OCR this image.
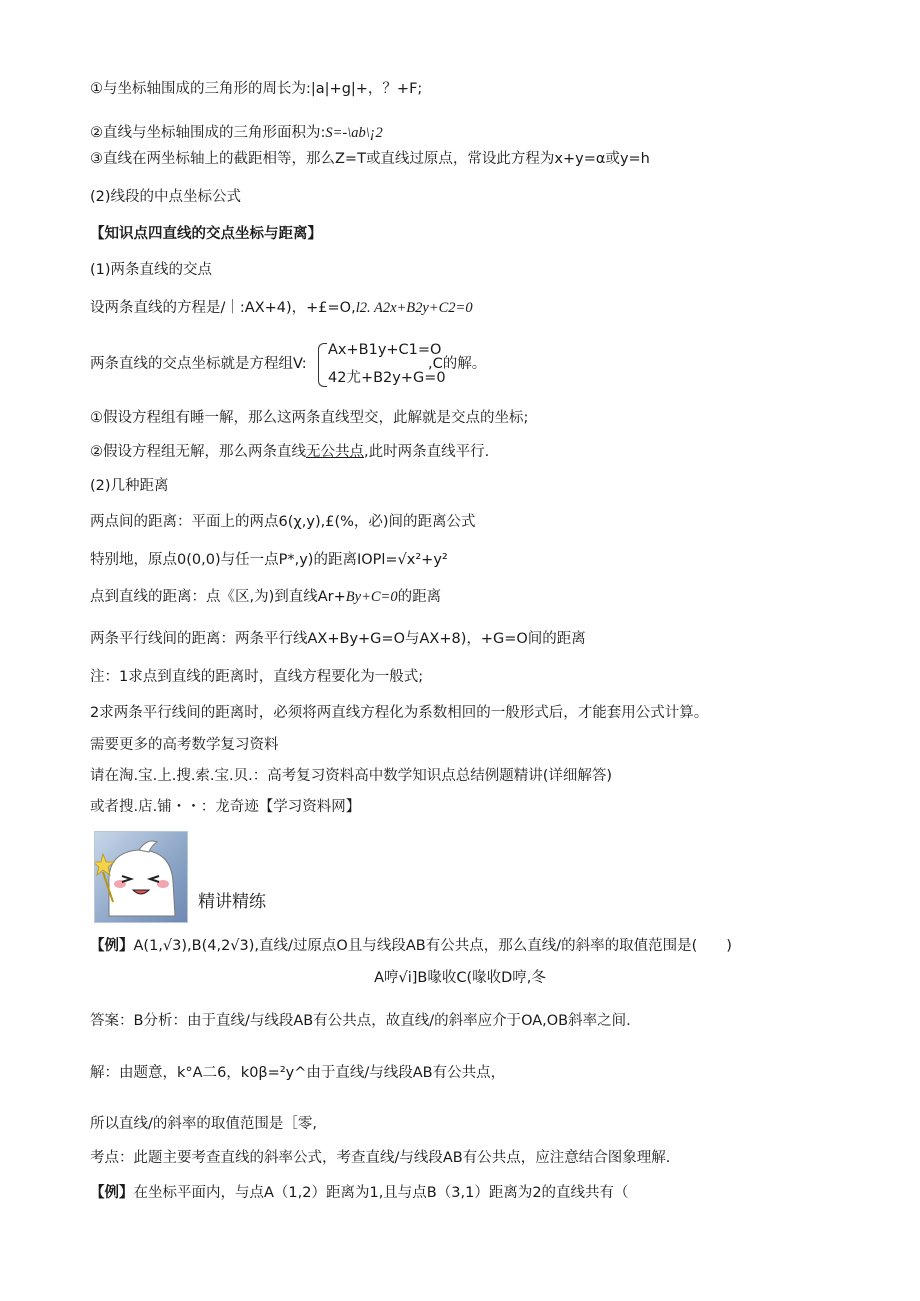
①与坐标轴围成的三角形的周长为:|a|+g|+，？+F;
②直线与坐标轴围成的三角形面积为:S=-\ab\¡2
③直线在两坐标轴上的截距相等，那么Z=T或直线过原点，常设此方程为x+y=α或y=h
(2)线段的中点坐标公式
【知识点四直线的交点坐标与距离】
(1)两条直线的交点
设两条直线的方程是/｜:AX+4)，+£=O,l2. A2x+B2y+C2=0
两条直线的交点坐标就是方程组V:
Ax+B1y+C1=O
42尤+B2y+G=0
,C的解。
①假设方程组有睡一解，那么这两条直线型交，此解就是交点的坐标;
②假设方程组无解，那么两条直线无公共点,此时两条直线平行.
(2)几种距离
两点间的距离：平面上的两点6(χ,y),£(%，必)间的距离公式
特别地，原点0(0,0)与任一点P*,y)的距离IOPl=√x²+y²
点到直线的距离：点《区,为)到直线Ar+By+C=0的距离
两条平行线间的距离：两条平行线AX+By+G=O与AX+8)，+G=O间的距离
注：1求点到直线的距离时，直线方程要化为一般式;
2求两条平行线间的距离时，必须将两直线方程化为系数相回的一般形式后，才能套用公式计算。
需要更多的高考数学复习资料
请在淘.宝.上.搜.索.宝.贝.：高考复习资料高中数学知识点总结例题精讲(详细解答)
或者搜.店.铺・・：龙奇迹【学习资料网】
精讲精练
【例】A(1,√3),B(4,2√3),直线/过原点O且与线段AB有公共点，那么直线/的斜率的取值范围是(　　)
A哼√i]B喙收C(喙收D哼,冬
答案：B分析：由于直线/与线段AB有公共点，故直线/的斜率应介于OA,OB斜率之间.
解：由题意，k°A二6，k0β=²y^由于直线/与线段AB有公共点，
所以直线/的斜率的取值范围是［零,
考点：此题主要考查直线的斜率公式，考查直线/与线段AB有公共点，应注意结合图象理解.
【例】在坐标平面内，与点A（1,2）距离为1,且与点B（3,1）距离为2的直线共有（
